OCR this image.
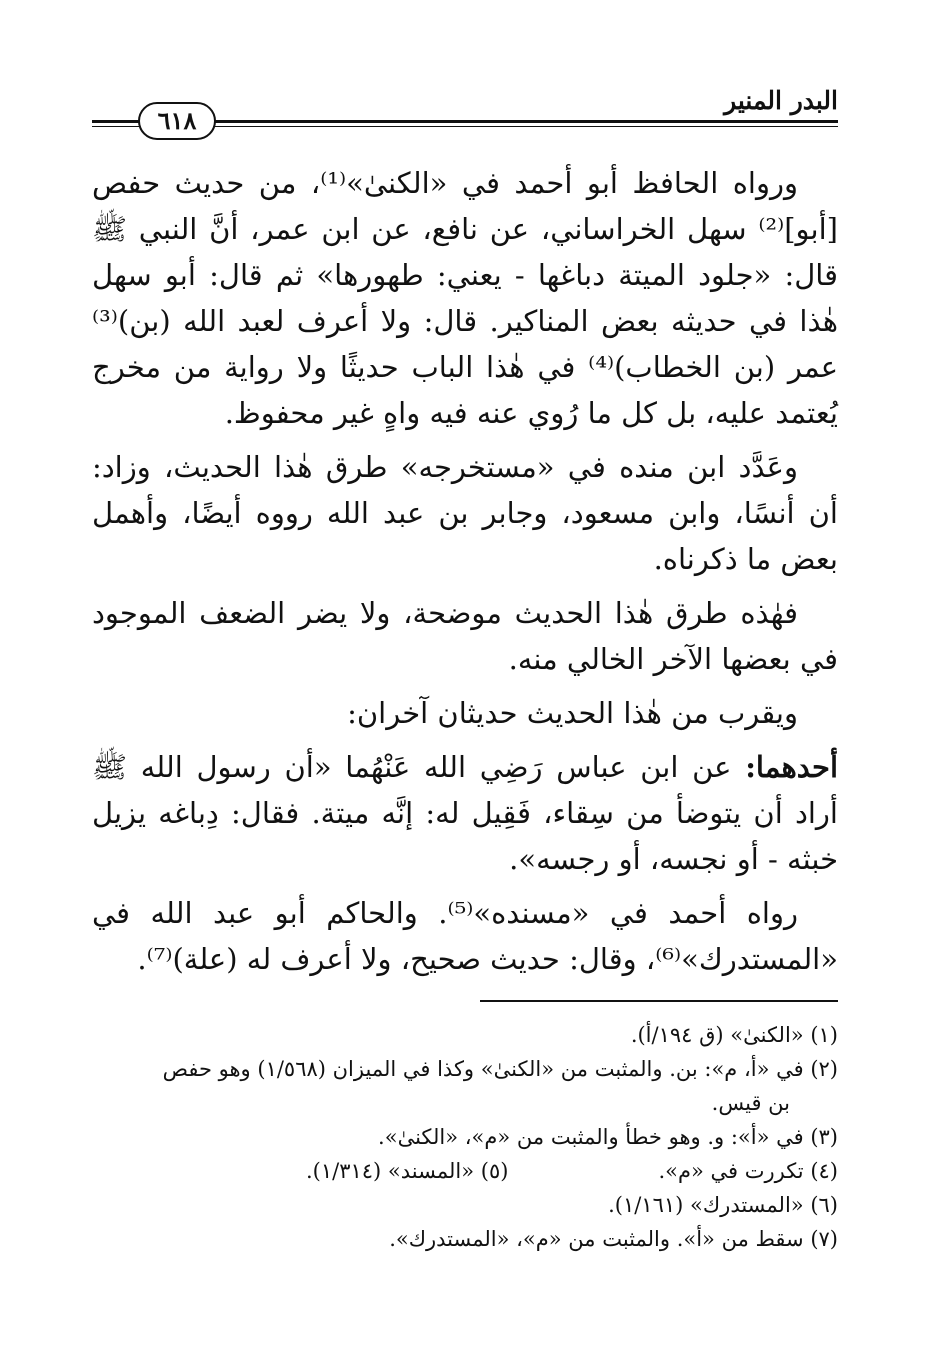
البدر المنير
٦١٨

ورواه الحافظ أبو أحمد في «الكنىٰ»⁽¹⁾، من حديث حفص [أبو]⁽²⁾ سهل الخراساني، عن نافع، عن ابن عمر، أنَّ النبي ﷺ قال: «جلود الميتة دباغها - يعني: طهورها» ثم قال: أبو سهل هٰذا في حديثه بعض المناكير. قال: ولا أعرف لعبد الله (بن)⁽³⁾ عمر (بن الخطاب)⁽⁴⁾ في هٰذا الباب حديثًا ولا رواية من مخرج يُعتمد عليه، بل كل ما رُوي عنه فيه واهٍ غير محفوظ.

وعَدَّد ابن منده في «مستخرجه» طرق هٰذا الحديث، وزاد: أن أنسًا، وابن مسعود، وجابر بن عبد الله رووه أيضًا، وأهمل بعض ما ذكرناه.

فهٰذه طرق هٰذا الحديث موضحة، ولا يضر الضعف الموجود في بعضها الآخر الخالي منه.

ويقرب من هٰذا الحديث حديثان آخران:

أحدهما: عن ابن عباس رَضِي الله عَنْهُما «أن رسول الله ﷺ أراد أن يتوضأ من سِقاء، فَقِيل له: إنَّه ميتة. فقال: دِباغه يزيل خبثه - أو نجسه، أو رجسه».

رواه أحمد في «مسنده»⁽⁵⁾. والحاكم أبو عبد الله في «المستدرك»⁽⁶⁾، وقال: حديث صحيح، ولا أعرف له (علة)⁽⁷⁾.

(١) «الكنىٰ» (ق ١٩٤/أ).

(٢) في «أ، م»: بن. والمثبت من «الكنىٰ» وكذا في الميزان (١/٥٦٨) وهو حفص
بن قيس.

(٣) في «أ»: و. وهو خطأ والمثبت من «م»، «الكنىٰ».

(٤) تكررت في «م».

(٥) «المسند» (١/٣١٤).

(٦) «المستدرك» (١/١٦١).

(٧) سقط من «أ». والمثبت من «م»، «المستدرك».
